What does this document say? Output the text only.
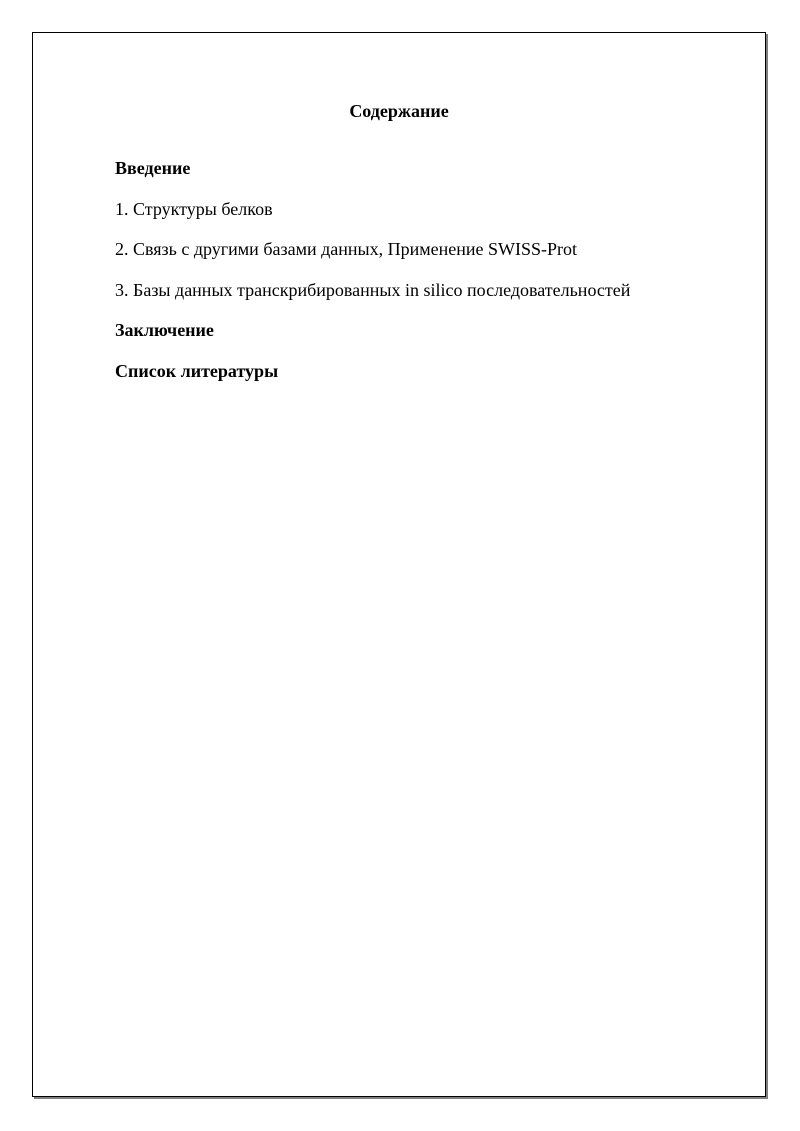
Содержание
Введение
1. Структуры белков
2. Связь с другими базами данных, Применение SWISS-Prot
3. Базы данных транскрибированных in silico последовательностей
Заключение
Список литературы
